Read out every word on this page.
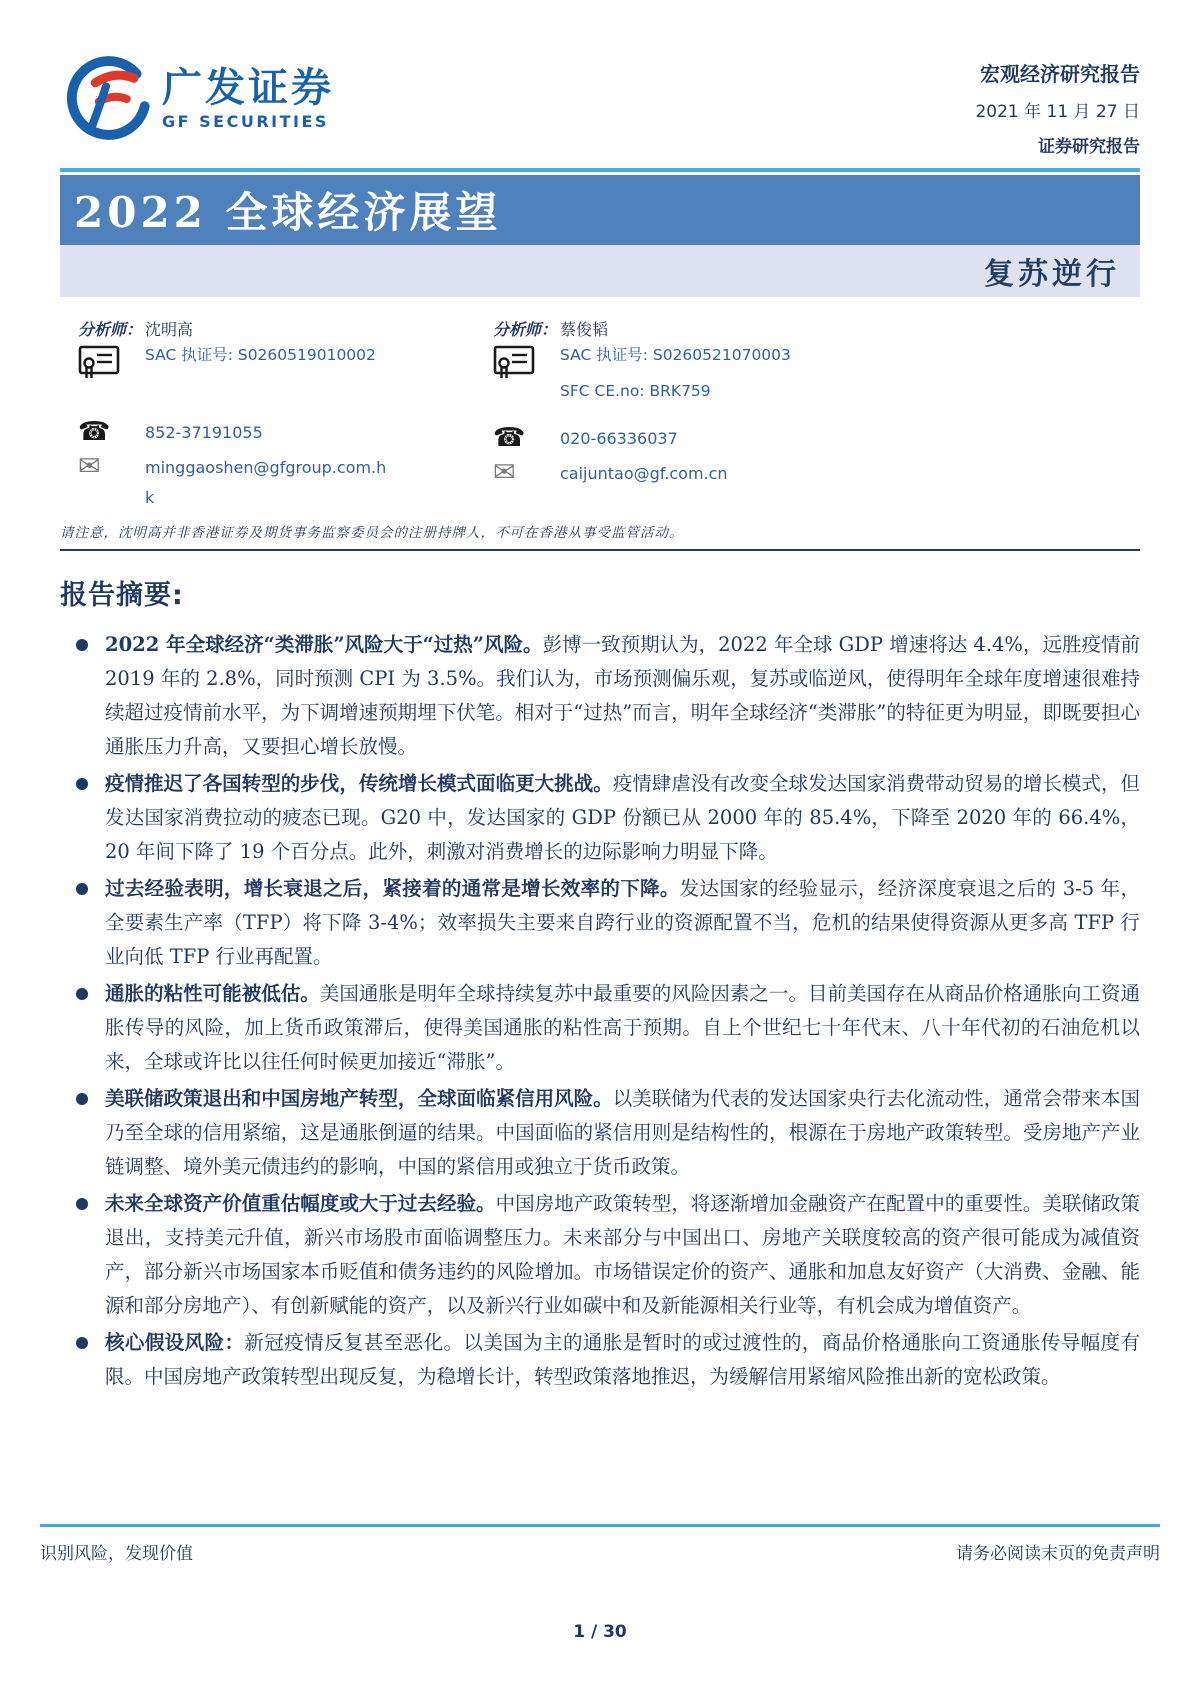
广发证券
GF SECURITIES
宏观经济研究报告
2021 年 11 月 27 日
证券研究报告
2022 全球经济展望
复苏逆行
分析师： 沈明高
SAC 执证号: S0260519010002
☎ 852-37191055
✉	minggaoshen@gfgroup.com.hk
分析师： 蔡俊韬
SAC 执证号: S0260521070003
SFC CE.no: BRK759
☎ 020-66336037
✉	caijuntao@gf.com.cn
请注意，沈明高并非香港证券及期货事务监察委员会的注册持牌人，不可在香港从事受监管活动。
报告摘要:
2022 年全球经济“类滞胀”风险大于“过热”风险。彭博一致预期认为，2022 年全球 GDP 增速将达 4.4%，远胜疫情前 2019 年的 2.8%，同时预测 CPI 为 3.5%。我们认为，市场预测偏乐观，复苏或临逆风，使得明年全球年度增速很难持续超过疫情前水平，为下调增速预期埋下伏笔。相对于“过热”而言，明年全球经济“类滞胀”的特征更为明显，即既要担心通胀压力升高，又要担心增长放慢。
疫情推迟了各国转型的步伐，传统增长模式面临更大挑战。疫情肆虐没有改变全球发达国家消费带动贸易的增长模式，但发达国家消费拉动的疲态已现。G20 中，发达国家的 GDP 份额已从 2000 年的 85.4%，下降至 2020 年的 66.4%，20 年间下降了 19 个百分点。此外，刺激对消费增长的边际影响力明显下降。
过去经验表明，增长衰退之后，紧接着的通常是增长效率的下降。发达国家的经验显示，经济深度衰退之后的 3-5 年，全要素生产率（TFP）将下降 3-4%；效率损失主要来自跨行业的资源配置不当，危机的结果使得资源从更多高 TFP 行业向低 TFP 行业再配置。
通胀的粘性可能被低估。美国通胀是明年全球持续复苏中最重要的风险因素之一。目前美国存在从商品价格通胀向工资通胀传导的风险，加上货币政策滞后，使得美国通胀的粘性高于预期。自上个世纪七十年代末、八十年代初的石油危机以来，全球或许比以往任何时候更加接近“滞胀”。
美联储政策退出和中国房地产转型，全球面临紧信用风险。以美联储为代表的发达国家央行去化流动性，通常会带来本国乃至全球的信用紧缩，这是通胀倒逼的结果。中国面临的紧信用则是结构性的，根源在于房地产政策转型。受房地产产业链调整、境外美元债违约的影响，中国的紧信用或独立于货币政策。
未来全球资产价值重估幅度或大于过去经验。中国房地产政策转型，将逐渐增加金融资产在配置中的重要性。美联储政策退出，支持美元升值，新兴市场股市面临调整压力。未来部分与中国出口、房地产关联度较高的资产很可能成为减值资产，部分新兴市场国家本币贬值和债务违约的风险增加。市场错误定价的资产、通胀和加息友好资产（大消费、金融、能源和部分房地产）、有创新赋能的资产，以及新兴行业如碳中和及新能源相关行业等，有机会成为增值资产。
核心假设风险：新冠疫情反复甚至恶化。以美国为主的通胀是暂时的或过渡性的，商品价格通胀向工资通胀传导幅度有限。中国房地产政策转型出现反复，为稳增长计，转型政策落地推迟，为缓解信用紧缩风险推出新的宽松政策。
识别风险，发现价值	请务必阅读末页的免责声明
1 / 30
